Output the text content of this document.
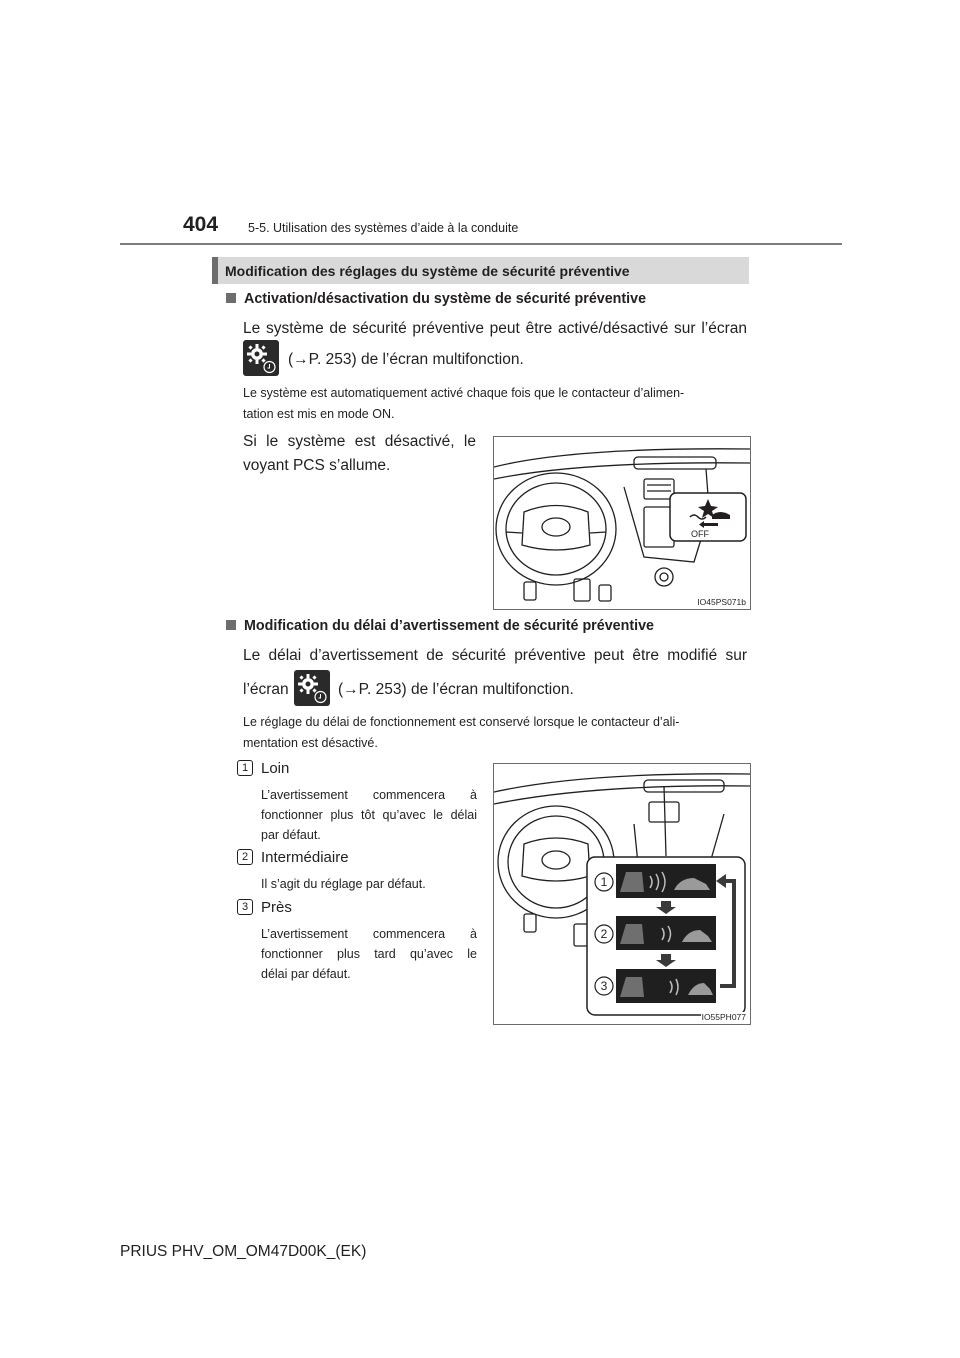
404 5-5. Utilisation des systèmes d’aide à la conduite
Modification des réglages du système de sécurité préventive
Activation/désactivation du système de sécurité préventive
Le système de sécurité préventive peut être activé/désactivé sur l’écran
(→P. 253) de l’écran multifonction.
Le système est automatiquement activé chaque fois que le contacteur d’alimen-
tation est mis en mode ON.
Si le système est désactivé, le
voyant PCS s’allume.
OFF
IO45PS071b
Modification du délai d’avertissement de sécurité préventive
Le délai d’avertissement de sécurité préventive peut être modifié sur
l’écran	(→P. 253) de l’écran multifonction.
Le réglage du délai de fonctionnement est conservé lorsque le contacteur d’ali-
mentation est désactivé.
1 Loin
L’avertissement commencera à
fonctionner plus tôt qu’avec le délai
par défaut.
2 Intermédiaire
Il s’agit du réglage par défaut.
3 Près
L’avertissement commencera à
fonctionner plus tard qu’avec le
délai par défaut.
1
2
3
IO55PH077
PRIUS PHV_OM_OM47D00K_(EK)
